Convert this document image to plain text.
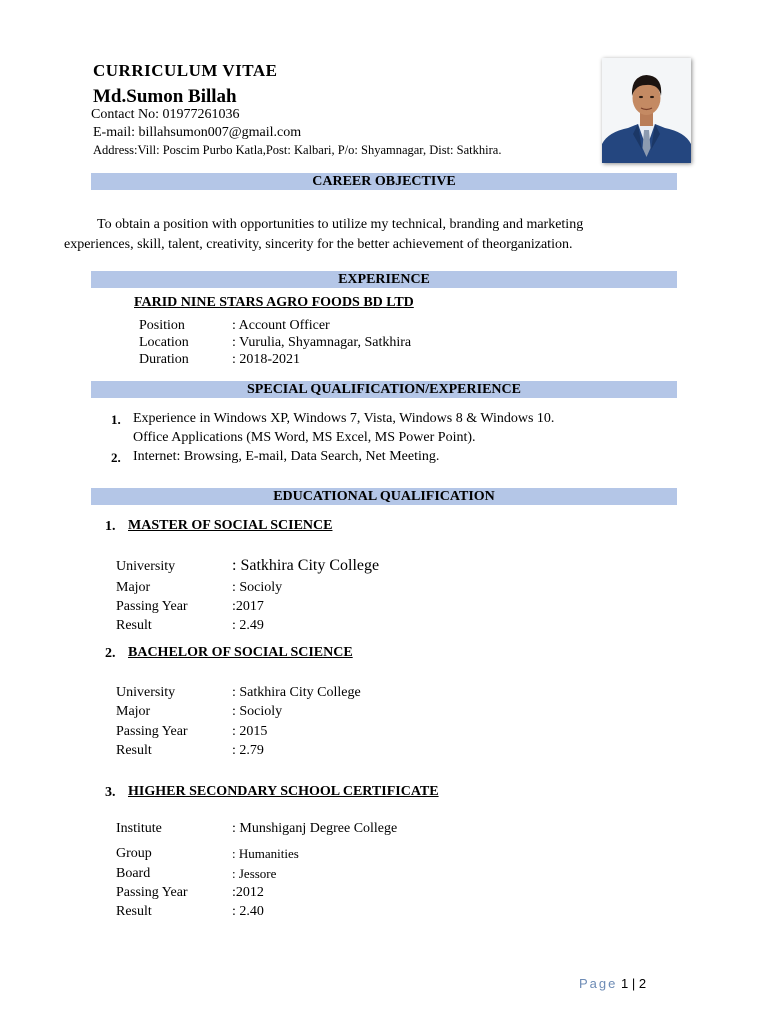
CURRICULUM VITAE
Md.Sumon Billah
Contact No: 01977261036
E-mail: billahsumon007@gmail.com
Address:Vill: Poscim Purbo Katla,Post: Kalbari, P/o: Shyamnagar, Dist: Satkhira.
CAREER OBJECTIVE
To obtain a position with opportunities to utilize my technical, branding and marketing experiences, skill, talent, creativity, sincerity for the better achievement of theorganization.
EXPERIENCE
FARID NINE STARS AGRO FOODS BD LTD
Position	: Account Officer
Location	: Vurulia, Shyamnagar, Satkhira
Duration	: 2018-2021
SPECIAL QUALIFICATION/EXPERIENCE
1. Experience in Windows XP, Windows 7, Vista, Windows 8 & Windows 10.
Office Applications (MS Word, MS Excel, MS Power Point).
2. Internet: Browsing, E-mail, Data Search, Net Meeting.
EDUCATIONAL QUALIFICATION
1. MASTER OF SOCIAL SCIENCE
University	: Satkhira City College
Major	: Socioly
Passing Year	:2017
Result	: 2.49
2. BACHELOR OF SOCIAL SCIENCE
University	: Satkhira City College
Major	: Socioly
Passing Year	: 2015
Result	: 2.79
3. HIGHER SECONDARY SCHOOL CERTIFICATE
Institute	: Munshiganj Degree College
Group	: Humanities
Board	: Jessore
Passing Year	:2012
Result	: 2.40
Page 1 | 2
